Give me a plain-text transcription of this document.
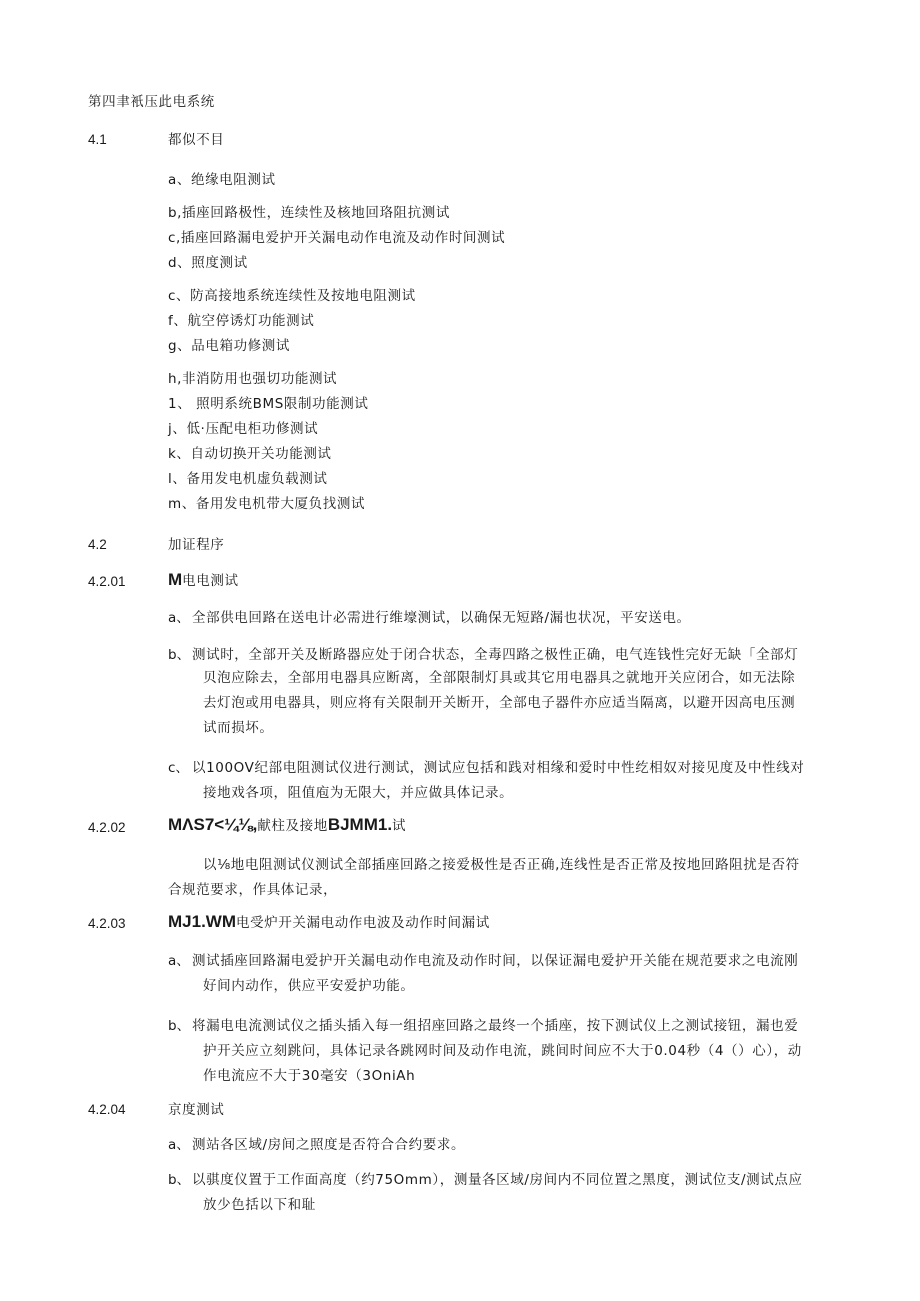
第四聿衹压此电系统
4.1	都似不目
a、绝缘电阻测试
b,插座回路极性，连续性及核地回珞阻抗测试
c,插座回路漏电爱护开关漏电动作电流及动作时间测试
d、照度测试
c、防高接地系统连续性及按地电阻测试
f、航空停诱灯功能测试
g、品电箱功修测试
h,非消防用也强切功能测试
1、 照明系统BMS限制功能测试
j、低·压配电柜功修测试
k、自动切换开关功能测试
l、备用发电机虚负载测试
m、备用发电机带大厦负找测试
4.2	加证程序
4.2.01 M电电测试
a、 全部供电回路在送电计必需进行维壕测试，以确保无短路/漏也状况，平安送电。
b、 测试时，全部开关及断路器应处于闭合状态，全毒四路之极性正确，电气连钱性完好无缺「全部灯
贝泡应除去，全部用电器具应断离，全部限制灯具或其它用电器具之就地开关应闭合，如无法除
去灯泡或用电器具，则应将有关限制开关断开，全部电子器件亦应适当隔离，以避开因高电压测
试而损坏。
c、 以100OV纪部电阻测试仪进行测试，测试应包括和践对相缘和爱时中性纥相奴对接见度及中性线对
接地戏各项，阻值庖为无限大，并应做具体记录。
4.2.02 MΛS7<¼⅛,献柱及接地BJMM1.试
以⅛地电阻测试仪测试全部插座回路之接爱极性是否正确,连线性是否正常及按地回路阻扰是否符
合规范要求，作具体记录，
4.2.03 MJ1.WM电受炉开关漏电动作电波及动作时间漏试
a、 测试插座回路漏电爱护开关漏电动作电流及动作时间，以保证漏电爱护开关能在规范要求之电流刚
好间内动作，供应平安爱护功能。
b、 将漏电电流测试仪之插头插入每一组招座回路之最终一个插座，按下测试仪上之测试接钮，漏也爱
护开关应立刻跳问，具体记录各跳网时间及动作电流，跳间时间应不大于0.04秒（4（）心），动
作电流应不大于30毫安（3OniAh
4.2.04	京度测试
a、 测站各区域/房间之照度是否符合合约要求。
b、 以骐度仪置于工作面高度（约75Omm），测量各区域/房间内不同位置之黑度，测试位支/测试点应
放少色括以下和耻
